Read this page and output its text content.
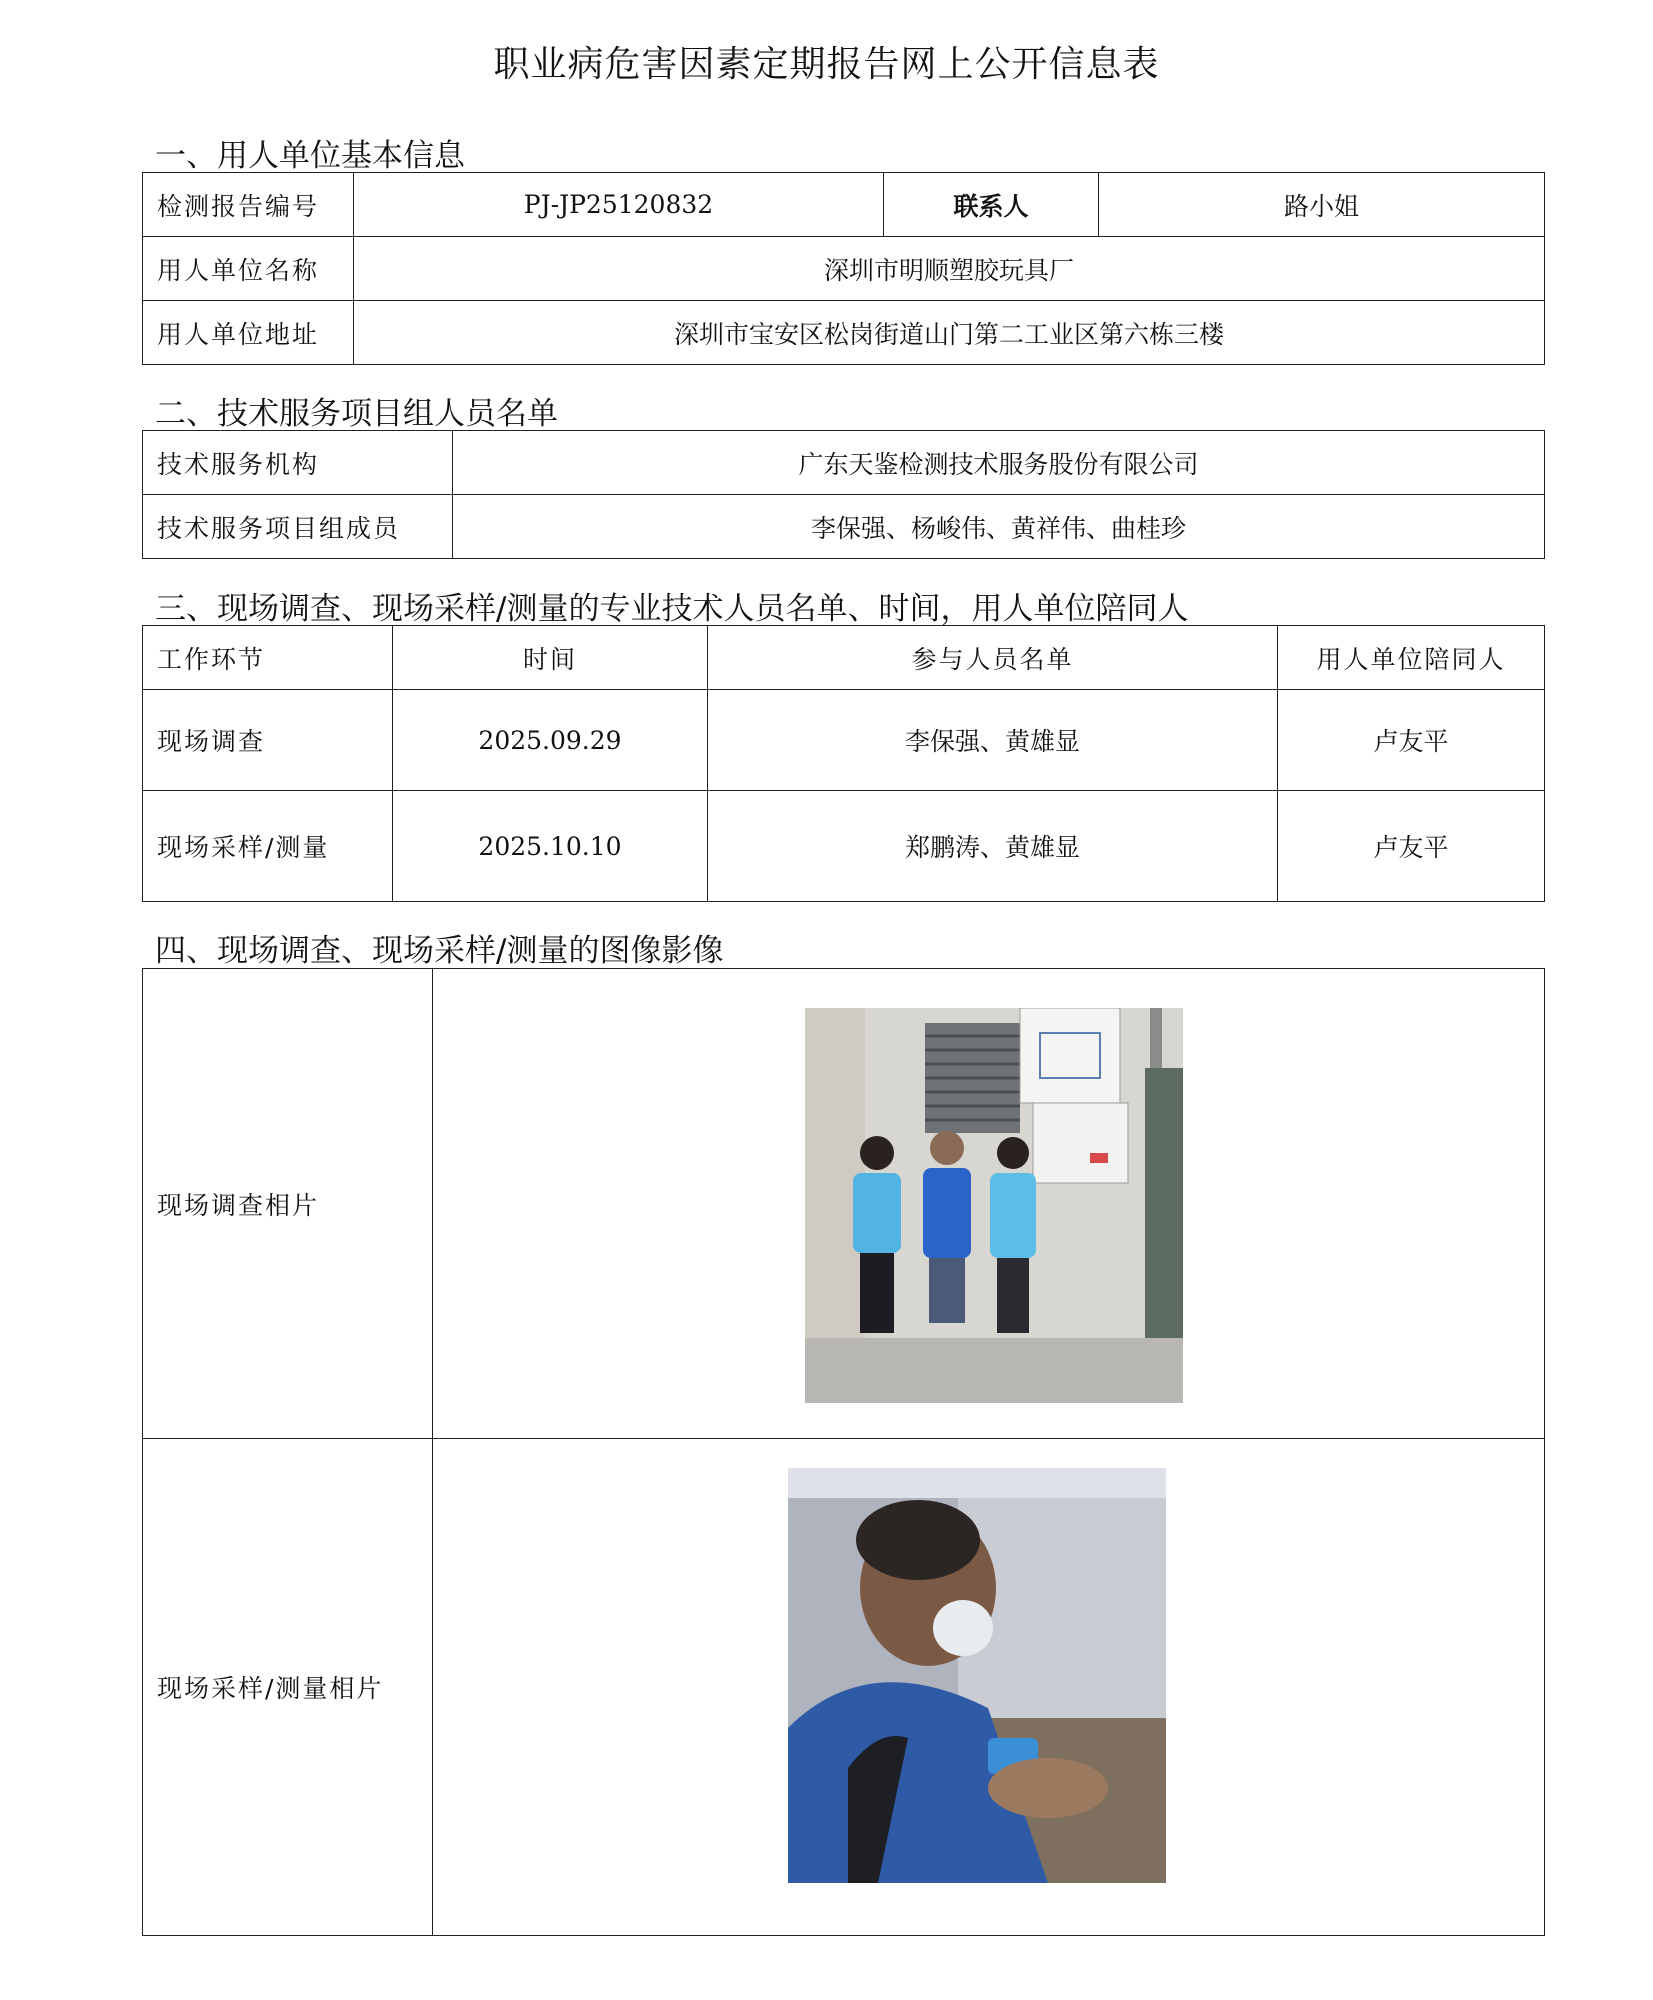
职业病危害因素定期报告网上公开信息表
一、用人单位基本信息
检测报告编号	PJ-JP25120832	联系人	路小姐
用人单位名称	深圳市明顺塑胶玩具厂		
用人单位地址	深圳市宝安区松岗街道山门第二工业区第六栋三楼		
二、技术服务项目组人员名单
技术服务机构	广东天鉴检测技术服务股份有限公司
技术服务项目组成员	李保强、杨峻伟、黄祥伟、曲桂珍
三、现场调查、现场采样/测量的专业技术人员名单、时间，用人单位陪同人
工作环节	时间	参与人员名单	用人单位陪同人
现场调查	2025.09.29	李保强、黄雄显	卢友平
现场采样/测量	2025.10.10	郑鹏涛、黄雄显	卢友平
四、现场调查、现场采样/测量的图像影像
现场调查相片	
现场采样/测量相片	
